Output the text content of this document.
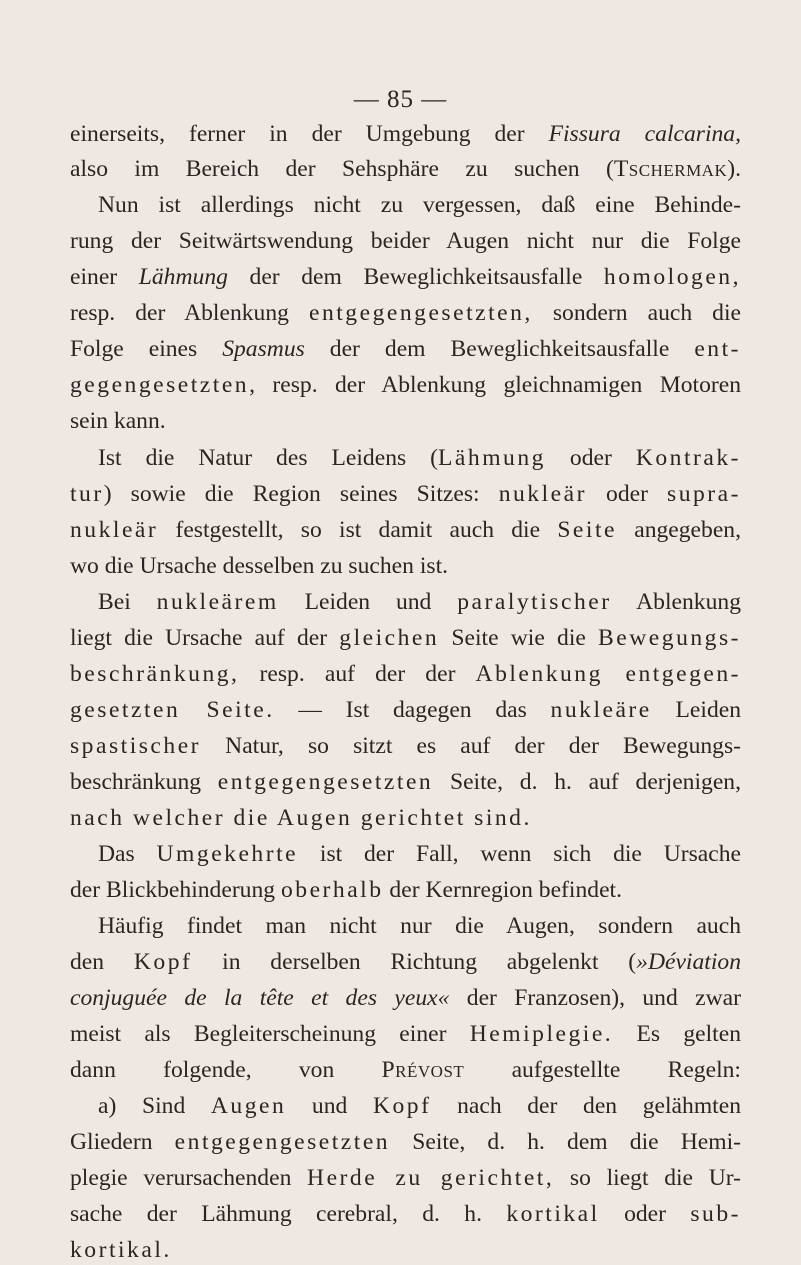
— 85 —
einerseits, ferner in der Umgebung der Fissura calcarina,
also im Bereich der Sehsphäre zu suchen (Tschermak).
Nun ist allerdings nicht zu vergessen, daß eine Behinde-
rung der Seitwärtswendung beider Augen nicht nur die Folge
einer Lähmung der dem Beweglichkeitsausfalle homologen,
resp. der Ablenkung entgegengesetzten, sondern auch die
Folge eines Spasmus der dem Beweglichkeitsausfalle ent-
gegengesetzten, resp. der Ablenkung gleichnamigen Motoren
sein kann.
Ist die Natur des Leidens (Lähmung oder Kontrak-
tur) sowie die Region seines Sitzes: nukleär oder supra-
nukleär festgestellt, so ist damit auch die Seite angegeben,
wo die Ursache desselben zu suchen ist.
Bei nukleärem Leiden und paralytischer Ablenkung
liegt die Ursache auf der gleichen Seite wie die Bewegungs-
beschränkung, resp. auf der der Ablenkung entgegen-
gesetzten Seite. — Ist dagegen das nukleäre Leiden
spastischer Natur, so sitzt es auf der der Bewegungs-
beschränkung entgegengesetzten Seite, d. h. auf derjenigen,
nach welcher die Augen gerichtet sind.
Das Umgekehrte ist der Fall, wenn sich die Ursache
der Blickbehinderung oberhalb der Kernregion befindet.
Häufig findet man nicht nur die Augen, sondern auch
den Kopf in derselben Richtung abgelenkt (»Déviation
conjuguée de la tête et des yeux« der Franzosen), und zwar
meist als Begleiterscheinung einer Hemiplegie. Es gelten
dann folgende, von Prévost aufgestellte Regeln:
a) Sind Augen und Kopf nach der den gelähmten
Gliedern entgegengesetzten Seite, d. h. dem die Hemi-
plegie verursachenden Herde zu gerichtet, so liegt die Ur-
sache der Lähmung cerebral, d. h. kortikal oder sub-
kortikal.
